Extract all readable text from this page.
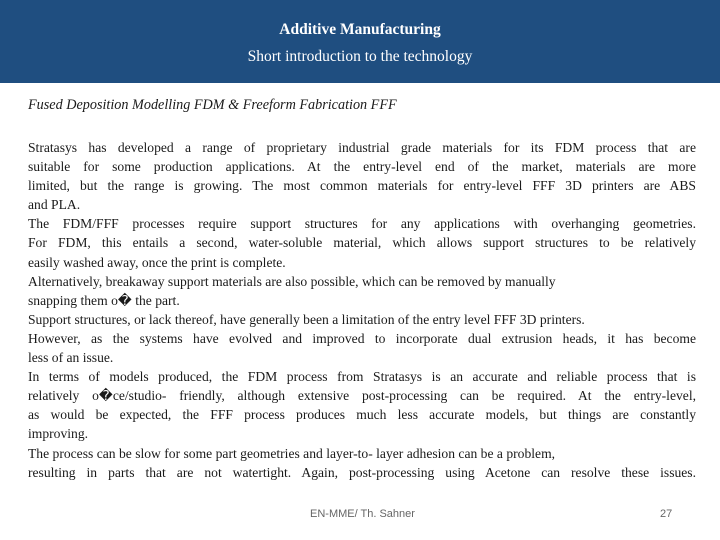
Additive Manufacturing
Short introduction to the technology
Fused Deposition Modelling FDM & Freeform Fabrication FFF
Stratasys has developed a range of proprietary industrial grade materials for its FDM process that are
suitable for some production applications. At the entry-level end of the market, materials are more
limited, but the range is growing. The most common materials for entry-level FFF 3D printers are ABS
and PLA.
The FDM/FFF processes require support structures for any applications with overhanging geometries.
For FDM, this entails a second, water-soluble material, which allows support structures to be relatively
easily washed away, once the print is complete.
Alternatively, breakaway support materials are also possible, which can be removed by manually
snapping them o� the part.
Support structures, or lack thereof, have generally been a limitation of the entry level FFF 3D printers.
However, as the systems have evolved and improved to incorporate dual extrusion heads, it has become
less of an issue.
In terms of models produced, the FDM process from Stratasys is an accurate and reliable process that is
relatively o�ce/studio- friendly, although extensive post-processing can be required. At the entry-level,
as would be expected, the FFF process produces much less accurate models, but things are constantly
improving.
The process can be slow for some part geometries and layer-to- layer adhesion can be a problem,
resulting in parts that are not watertight. Again, post-processing using Acetone can resolve these issues.
EN-MME/ Th. Sahner	27
